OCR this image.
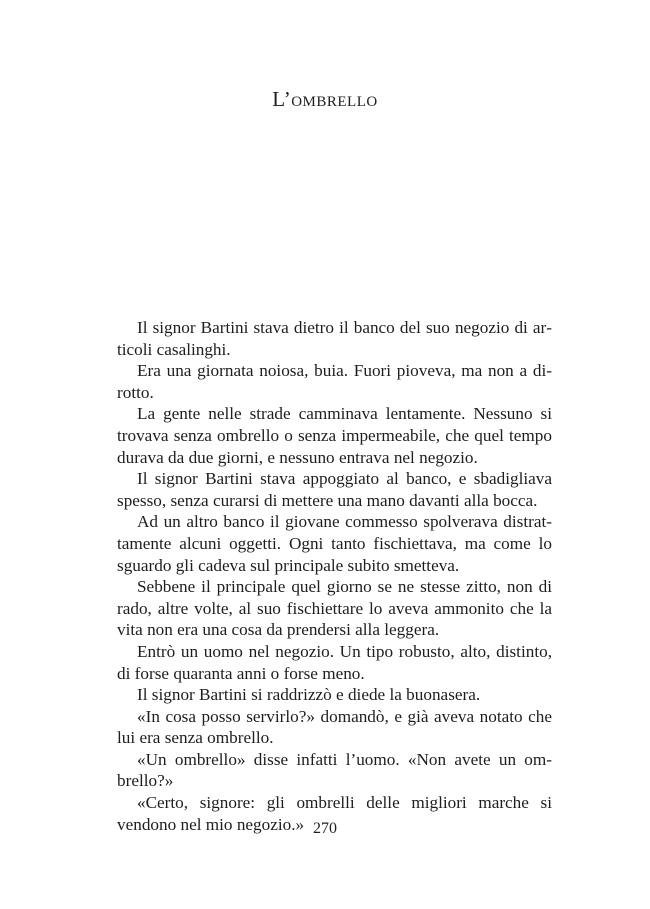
L’ombrello

Il signor Bartini stava dietro il banco del suo negozio di articoli casalinghi.

Era una giornata noiosa, buia. Fuori pioveva, ma non a dirotto.

La gente nelle strade camminava lentamente. Nessuno si trovava senza ombrello o senza impermeabile, che quel tempo durava da due giorni, e nessuno entrava nel negozio.

Il signor Bartini stava appoggiato al banco, e sbadigliava spesso, senza curarsi di mettere una mano davanti alla bocca.

Ad un altro banco il giovane commesso spolverava distrattamente alcuni oggetti. Ogni tanto fischiettava, ma come lo sguardo gli cadeva sul principale subito smetteva.

Sebbene il principale quel giorno se ne stesse zitto, non di rado, altre volte, al suo fischiettare lo aveva ammonito che la vita non era una cosa da prendersi alla leggera.

Entrò un uomo nel negozio. Un tipo robusto, alto, distinto, di forse quaranta anni o forse meno.

Il signor Bartini si raddrizzò e diede la buonasera.

«In cosa posso servirlo?» domandò, e già aveva notato che lui era senza ombrello.

«Un ombrello» disse infatti l’uomo. «Non avete un ombrello?»

«Certo, signore: gli ombrelli delle migliori marche si vendono nel mio negozio.» 270
